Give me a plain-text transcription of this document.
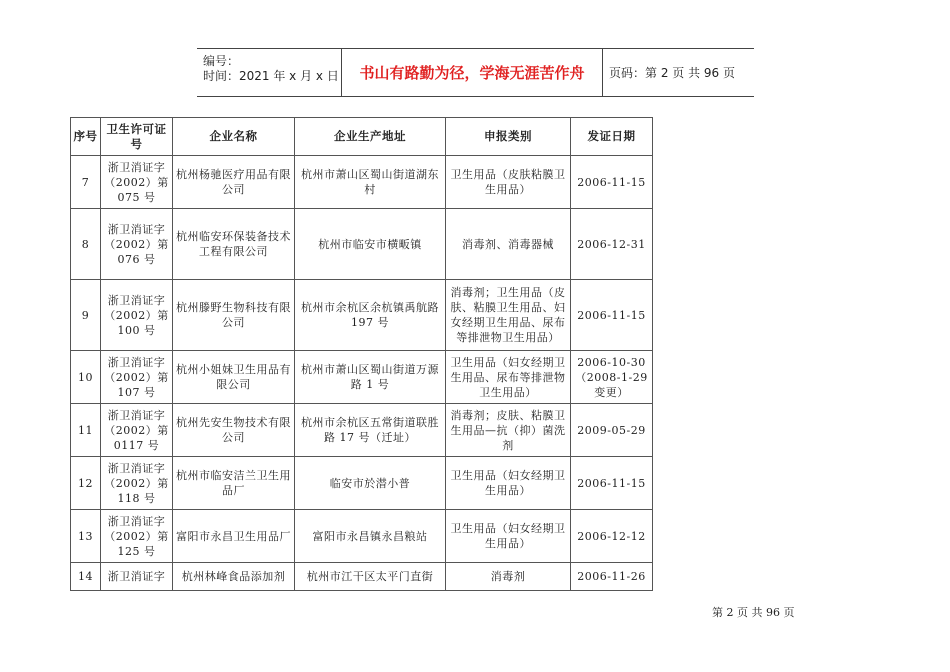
编号：
时间：2021 年 x 月 x 日	书山有路勤为径，学海无涯苦作舟	页码：第 2 页 共 96 页
序号	卫生许可证 号	企业名称	企业生产地址	申报类别	发证日期
7	浙卫消证字（2002）第 075 号	杭州杨驰医疗用品有限公司	杭州市萧山区蜀山街道湖东村	卫生用品（皮肤粘膜卫生用品）	2006-11-15
8	浙卫消证字（2002）第 076 号	杭州临安环保装备技术工程有限公司	杭州市临安市横畈镇	消毒剂、消毒器械	2006-12-31
9	浙卫消证字（2002）第 100 号	杭州滕野生物科技有限公司	杭州市余杭区余杭镇禹航路 197 号	消毒剂；卫生用品（皮肤、粘膜卫生用品、妇女经期卫生用品、尿布等排泄物卫生用品）	2006-11-15
10	浙卫消证字（2002）第 107 号	杭州小姐妹卫生用品有限公司	杭州市萧山区蜀山街道万源路 1 号	卫生用品（妇女经期卫生用品、尿布等排泄物卫生用品）	2006-10-30（2008-1-29 变更）
11	浙卫消证字（2002）第 0117 号	杭州先安生物技术有限公司	杭州市余杭区五常街道联胜路 17 号（迁址）	消毒剂；皮肤、粘膜卫生用品—抗（抑）菌洗剂	2009-05-29
12	浙卫消证字（2002）第 118 号	杭州市临安洁兰卫生用品厂	临安市於潜小普	卫生用品（妇女经期卫生用品）	2006-11-15
13	浙卫消证字（2002）第 125 号	富阳市永昌卫生用品厂	富阳市永昌镇永昌粮站	卫生用品（妇女经期卫生用品）	2006-12-12
14	浙卫消证字	杭州林峰食品添加剂	杭州市江干区太平门直街	消毒剂	2006-11-26
第 2 页 共 96 页
